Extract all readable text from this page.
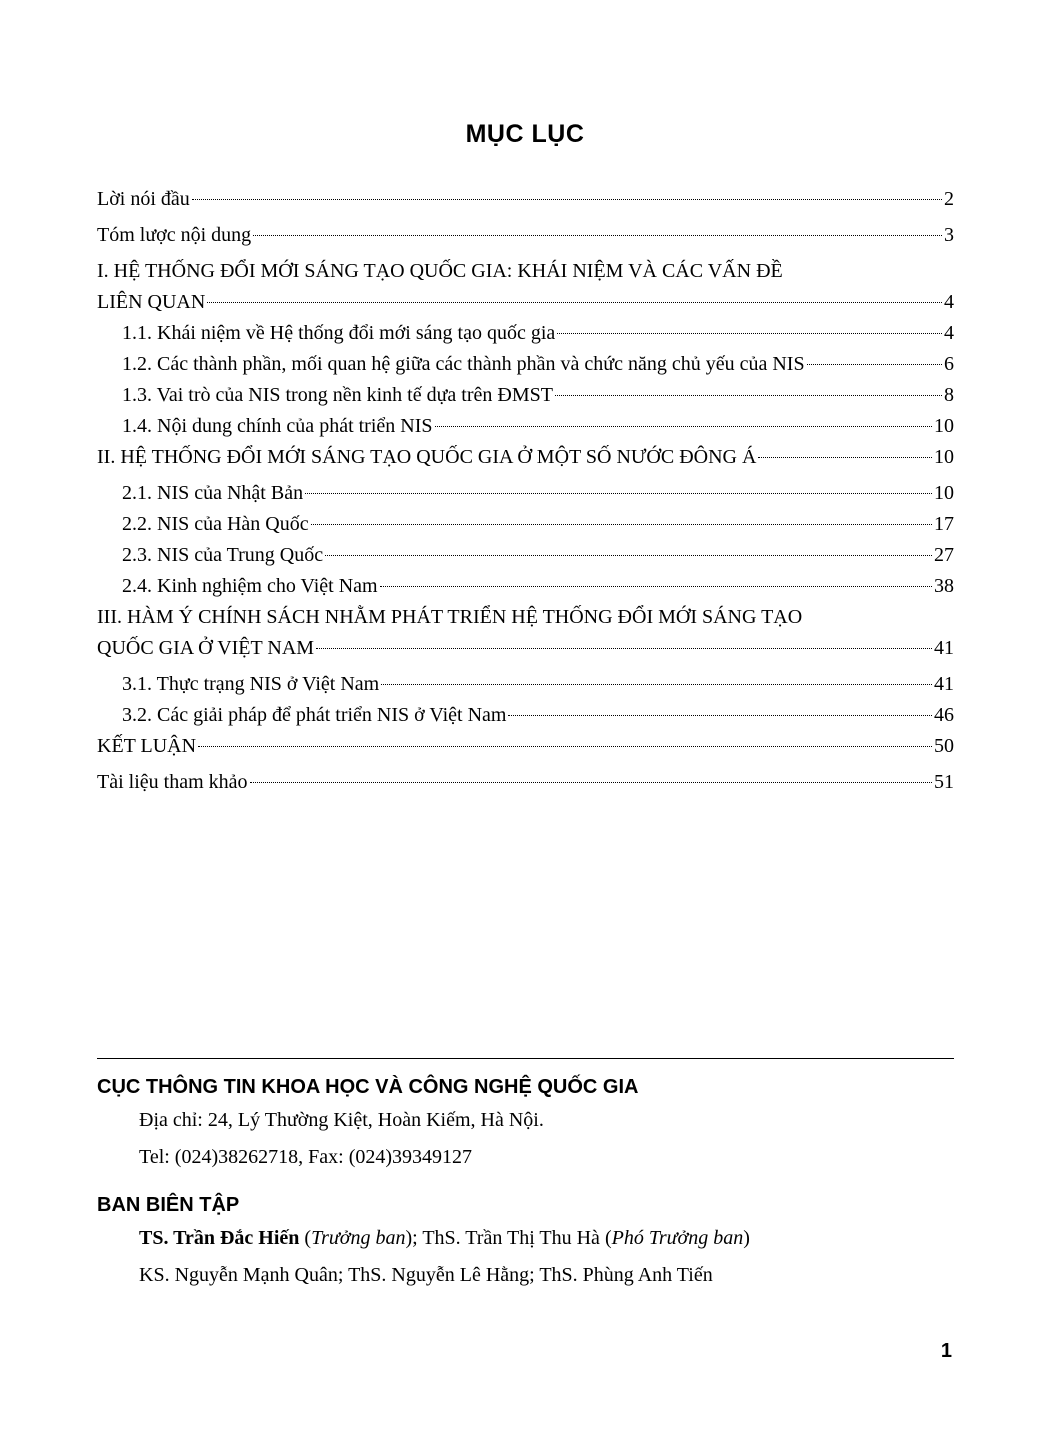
MỤC LỤC
Lời nói đầu	2
Tóm lược nội dung	3
I. HỆ THỐNG ĐỔI MỚI SÁNG TẠO QUỐC GIA: KHÁI NIỆM VÀ CÁC VẤN ĐỀ
LIÊN QUAN	4
1.1. Khái niệm về Hệ thống đổi mới sáng tạo quốc gia	4
1.2. Các thành phần, mối quan hệ giữa các thành phần và chức năng chủ yếu của NIS	6
1.3. Vai trò của NIS trong nền kinh tế dựa trên ĐMST	8
1.4. Nội dung chính của phát triển NIS	10
II. HỆ THỐNG ĐỔI MỚI SÁNG TẠO QUỐC GIA Ở MỘT SỐ NƯỚC ĐÔNG Á	10
2.1. NIS của Nhật Bản	10
2.2. NIS của Hàn Quốc	17
2.3. NIS của Trung Quốc	27
2.4. Kinh nghiệm cho Việt Nam	38
III. HÀM Ý CHÍNH SÁCH NHẰM PHÁT TRIỂN HỆ THỐNG ĐỔI MỚI SÁNG TẠO
QUỐC GIA Ở VIỆT NAM	41
3.1. Thực trạng NIS ở Việt Nam	41
3.2. Các giải pháp để phát triển NIS ở Việt Nam	46
KẾT LUẬN	50
Tài liệu tham khảo	51
CỤC THÔNG TIN KHOA HỌC VÀ CÔNG NGHỆ QUỐC GIA
Địa chỉ: 24, Lý Thường Kiệt, Hoàn Kiếm, Hà Nội.
Tel: (024)38262718, Fax: (024)39349127
BAN BIÊN TẬP
TS. Trần Đắc Hiến (Trưởng ban); ThS. Trần Thị Thu Hà (Phó Trưởng ban)
KS. Nguyễn Mạnh Quân; ThS. Nguyễn Lê Hằng; ThS. Phùng Anh Tiến
1
